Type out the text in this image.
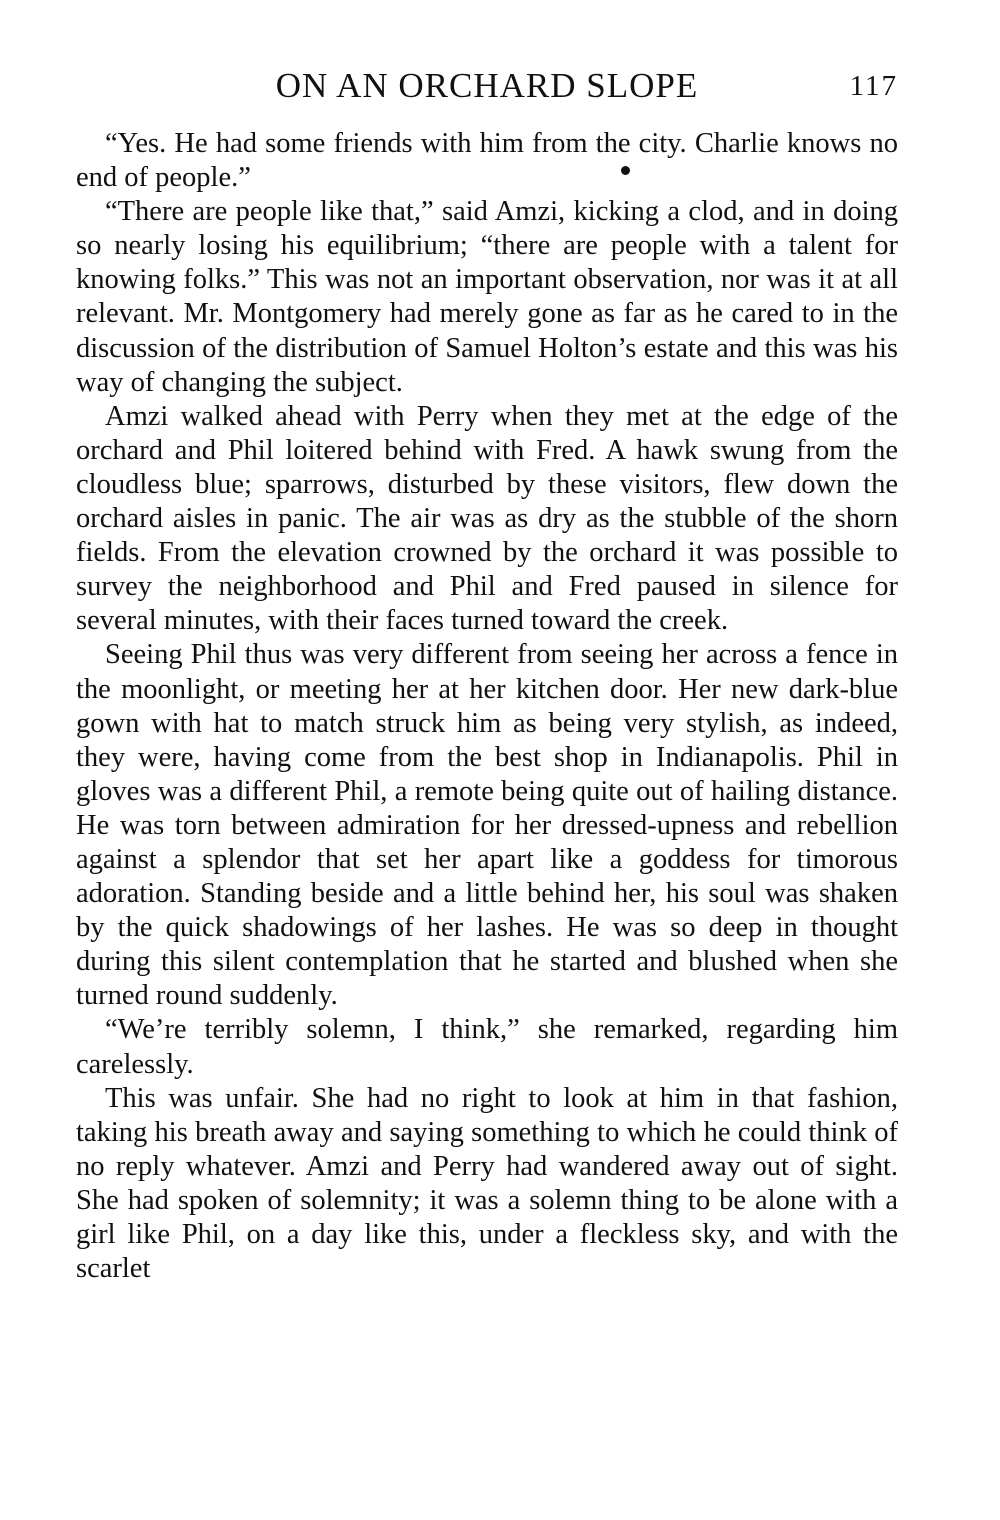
ON AN ORCHARD SLOPE	117

“Yes. He had some friends with him from the city. Charlie knows no end of people.”

“There are people like that,” said Amzi, kicking a clod, and in doing so nearly losing his equilibrium; “there are people with a talent for knowing folks.” This was not an important observation, nor was it at all relevant. Mr. Montgomery had merely gone as far as he cared to in the discussion of the distribution of Samuel Holton’s estate and this was his way of changing the subject.

Amzi walked ahead with Perry when they met at the edge of the orchard and Phil loitered behind with Fred. A hawk swung from the cloudless blue; sparrows, disturbed by these visitors, flew down the orchard aisles in panic. The air was as dry as the stubble of the shorn fields. From the elevation crowned by the orchard it was possible to survey the neighborhood and Phil and Fred paused in silence for several minutes, with their faces turned toward the creek.

Seeing Phil thus was very different from seeing her across a fence in the moonlight, or meeting her at her kitchen door. Her new dark-blue gown with hat to match struck him as being very stylish, as indeed, they were, having come from the best shop in Indianapolis. Phil in gloves was a different Phil, a remote being quite out of hailing distance. He was torn between admiration for her dressed-upness and rebellion against a splendor that set her apart like a goddess for timorous adoration. Standing beside and a little behind her, his soul was shaken by the quick shadowings of her lashes. He was so deep in thought during this silent contemplation that he started and blushed when she turned round suddenly.

“We’re terribly solemn, I think,” she remarked, regarding him carelessly.

This was unfair. She had no right to look at him in that fashion, taking his breath away and saying something to which he could think of no reply whatever. Amzi and Perry had wandered away out of sight. She had spoken of solemnity; it was a solemn thing to be alone with a girl like Phil, on a day like this, under a fleckless sky, and with the scarlet
